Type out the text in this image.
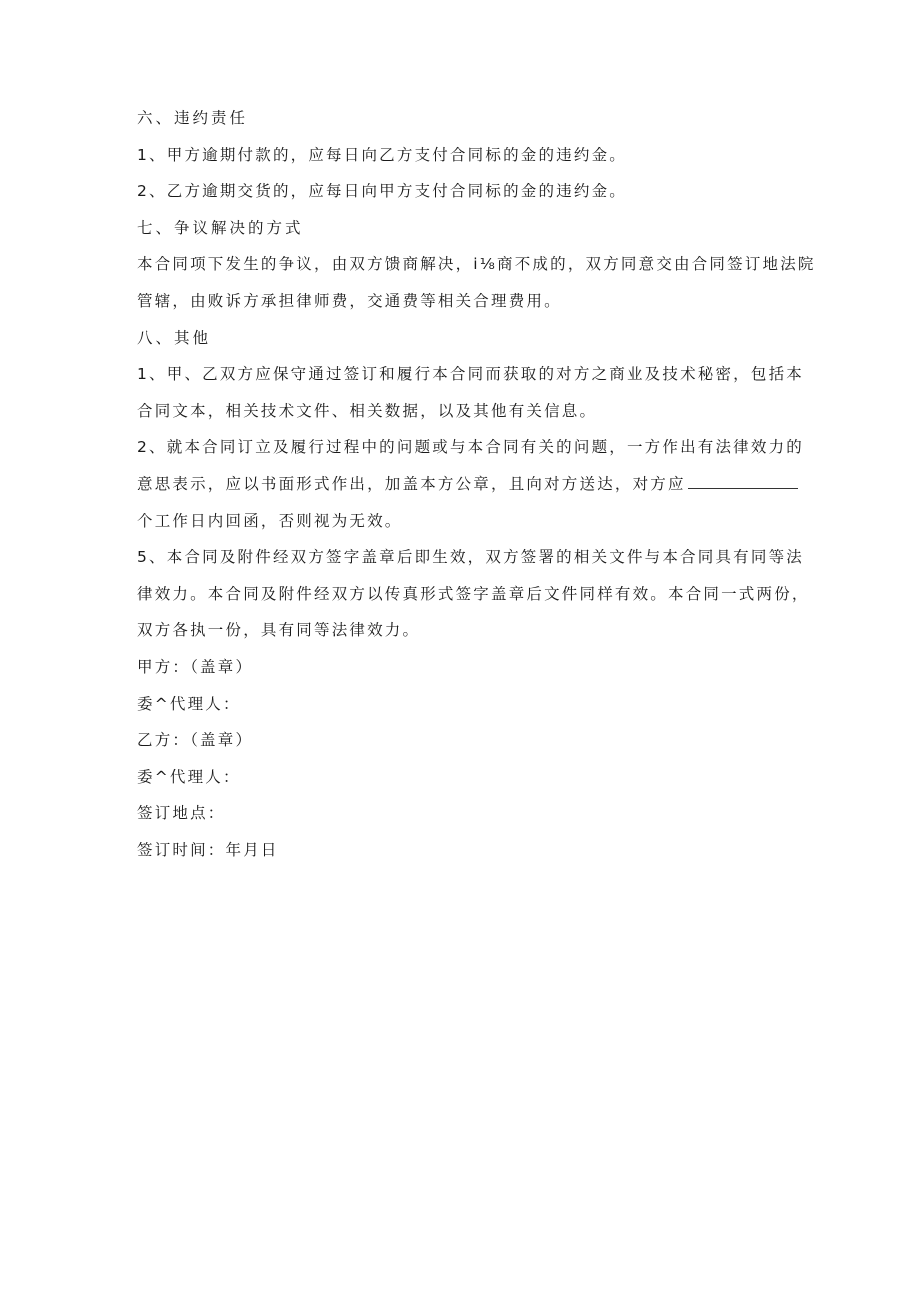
六、违约责任
1、甲方逾期付款的，应每日向乙方支付合同标的金的违约金。
2、乙方逾期交货的，应每日向甲方支付合同标的金的违约金。
七、争议解决的方式
本合同项下发生的争议，由双方馈商解决，i⅛商不成的，双方同意交由合同签订地法院
管辖，由败诉方承担律师费，交通费等相关合理费用。
八、其他
1、甲、乙双方应保守通过签订和履行本合同而获取的对方之商业及技术秘密，包括本
合同文本，相关技术文件、相关数据，以及其他有关信息。
2、就本合同订立及履行过程中的问题或与本合同有关的问题，一方作出有法律效力的
意思表示，应以书面形式作出，加盖本方公章，且向对方送达，对方应
个工作日内回函，否则视为无效。
5、本合同及附件经双方签字盖章后即生效，双方签署的相关文件与本合同具有同等法
律效力。本合同及附件经双方以传真形式签字盖章后文件同样有效。本合同一式两份，
双方各执一份，具有同等法律效力。
甲方：（盖章）
委^代理人：
乙方：（盖章）
委^代理人：
签订地点：
签订时间：年月日
